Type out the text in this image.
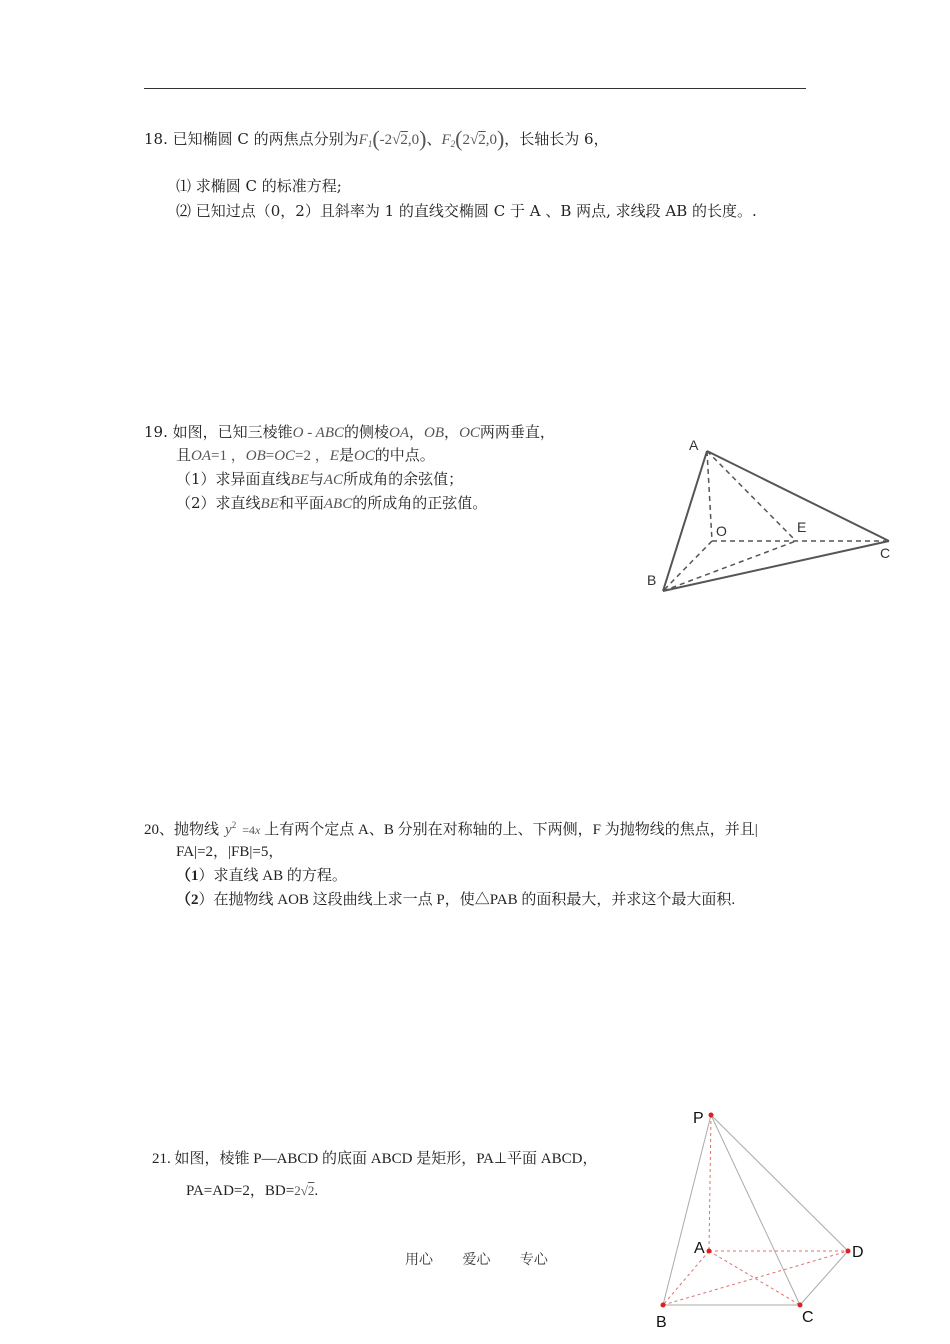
18. 已知椭圆 C 的两焦点分别为$F_1(-2√2,0)$、$F_2(2√2,0)$，长轴长为 6，
⑴ 求椭圆 C 的标准方程;
⑵ 已知过点（0，2）且斜率为 1 的直线交椭圆 C 于 A 、B 两点, 求线段 AB 的长度。.
19. 如图，已知三棱锥O - ABC的侧棱OA，OB，OC两两垂直，
且OA=1 ，OB=OC=2 ，E是OC的中点。
（1）求异面直线BE与AC所成角的余弦值；
（2）求直线BE和平面ABC的所成角的正弦值。
A
O	E
B
C
20、抛物线 $y^2 =4x$ 上有两个定点 A、B 分别在对称轴的上、下两侧，F 为抛物线的焦点，并且|
FA|=2，|FB|=5，
（1）求直线 AB 的方程。
（2）在抛物线 AOB 这段曲线上求一点 P，使△PAB 的面积最大，并求这个最大面积.
21. 如图，棱锥 P—ABCD 的底面 ABCD 是矩形，PA⊥平面 ABCD，
PA=AD=2，BD=2√2.
P
A	D
B	C
用心 爱心 专心
